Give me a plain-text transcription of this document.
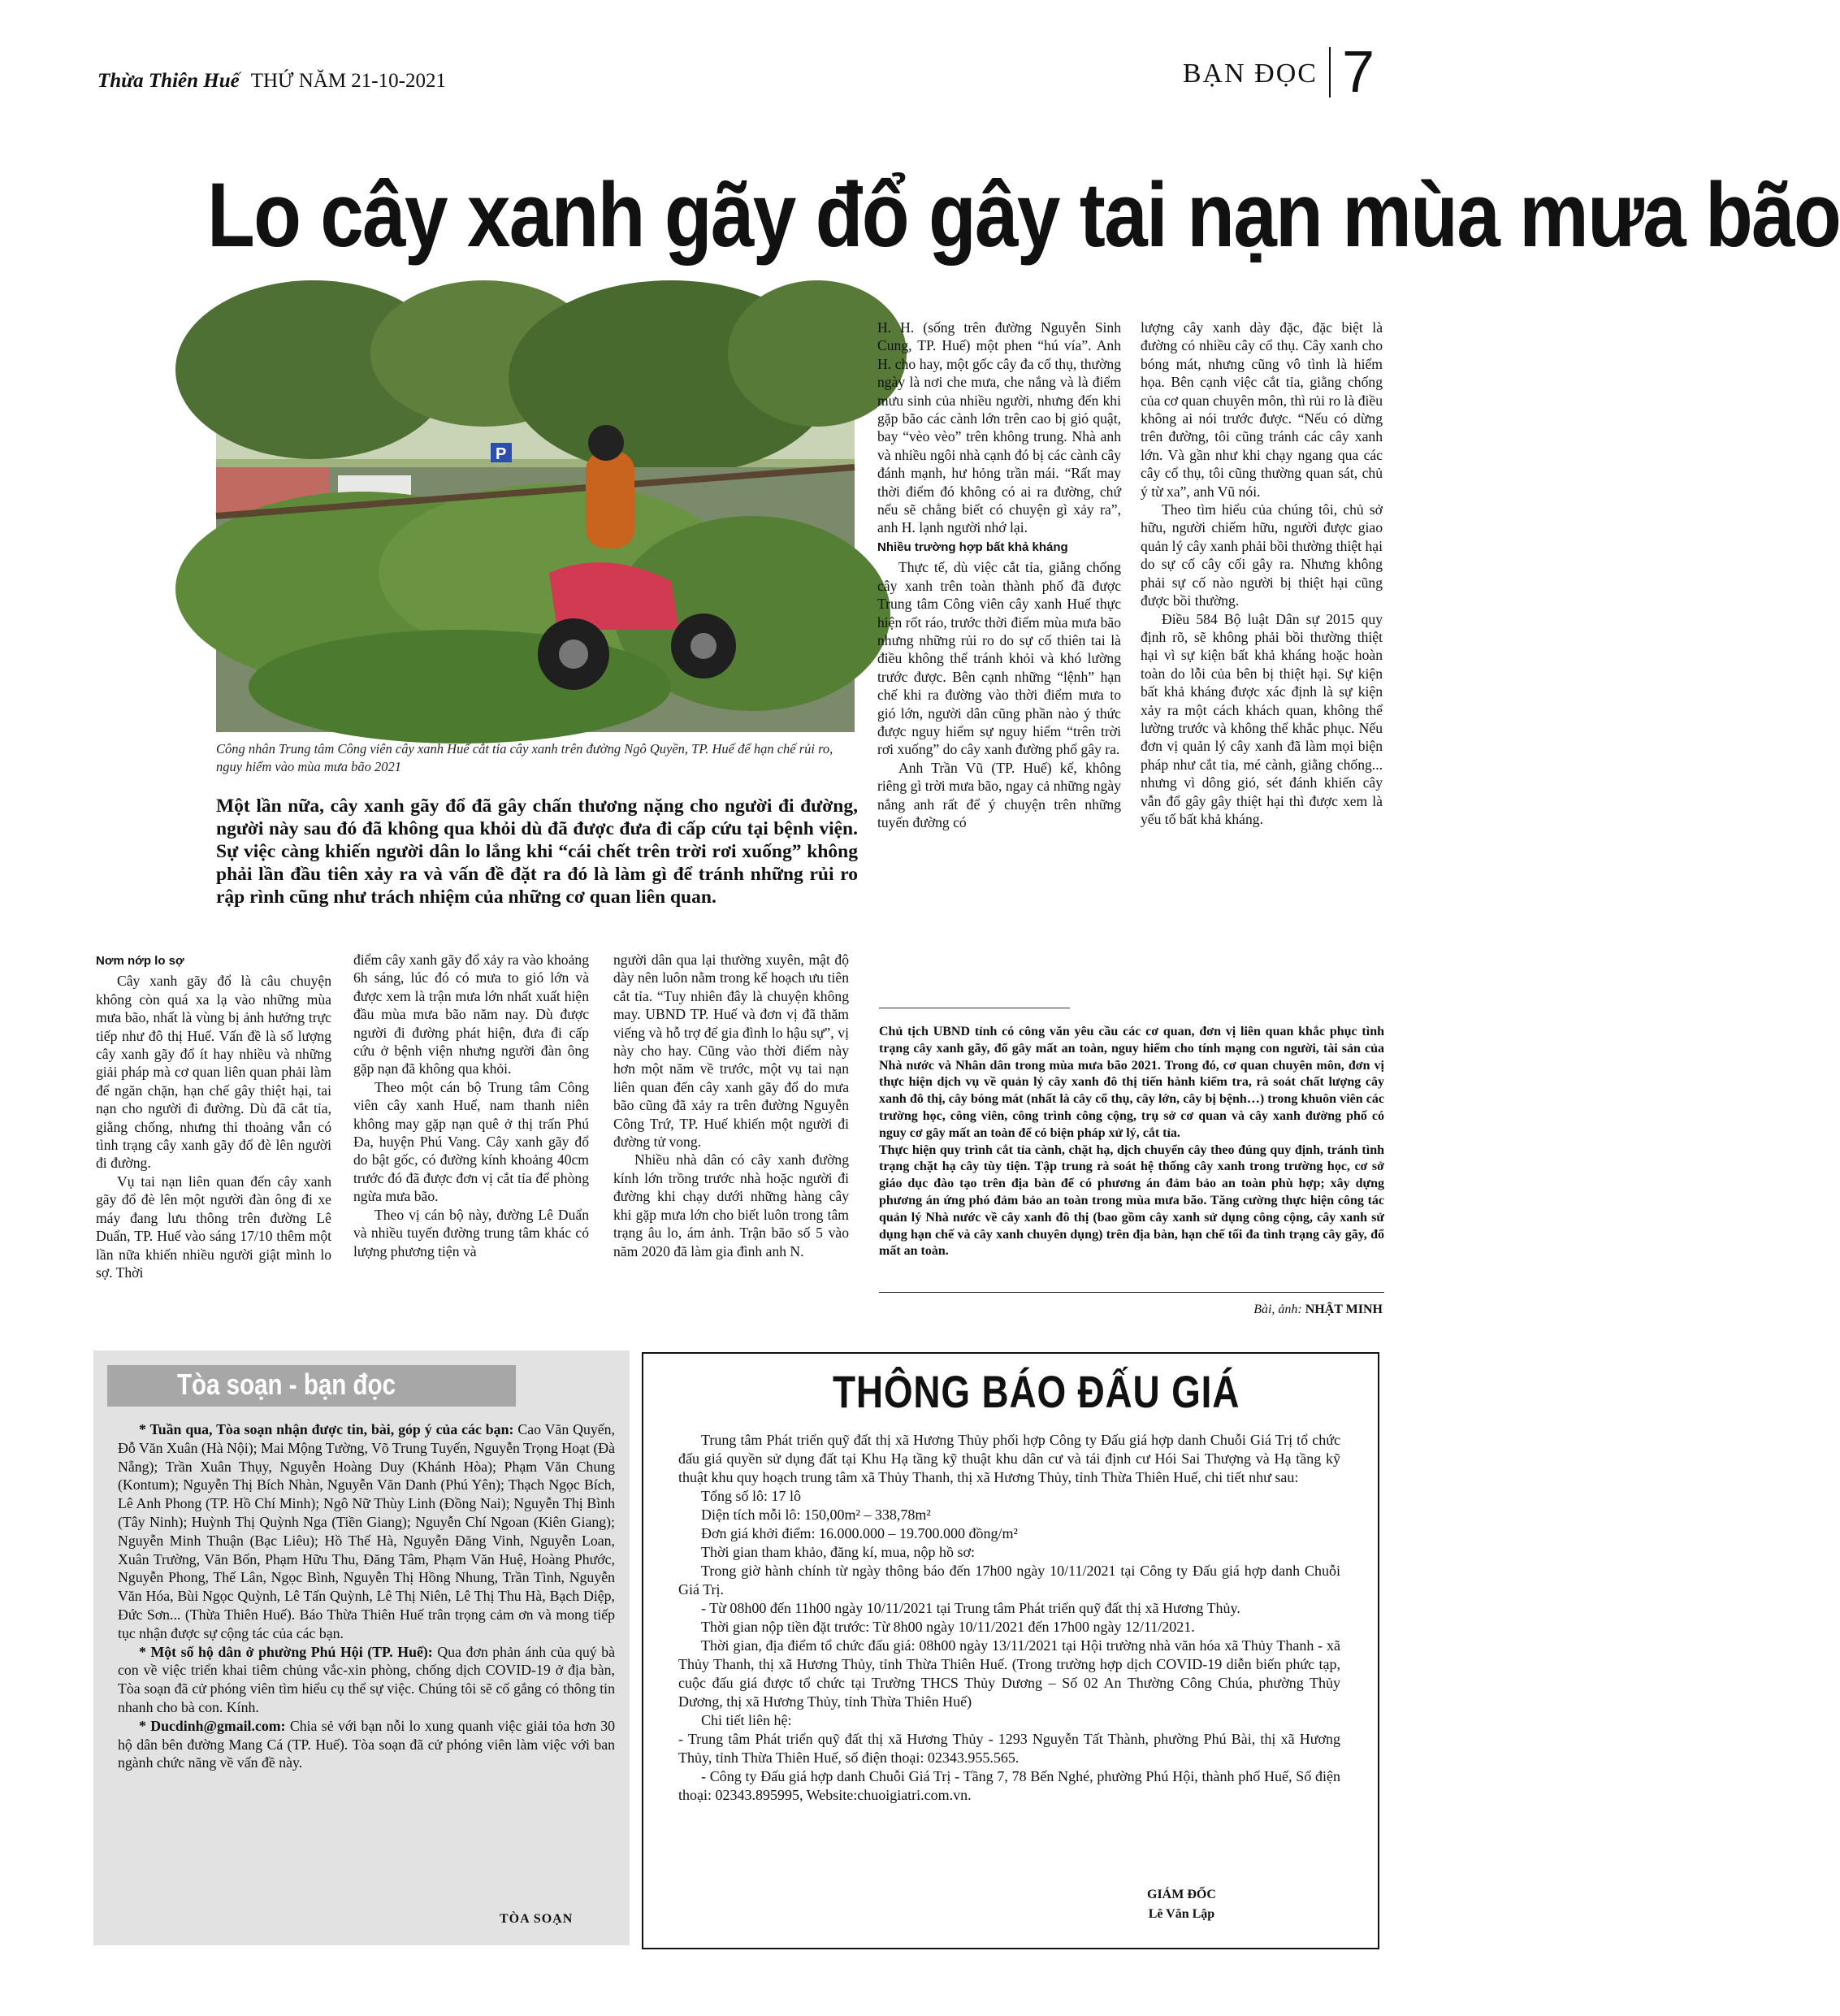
Thừa Thiên Huế THỨ NĂM 21-10-2021	BẠN ĐỌC 7
Lo cây xanh gãy đổ gây tai nạn mùa mưa bão
P
Công nhân Trung tâm Công viên cây xanh Huế cắt tỉa cây xanh trên đường Ngô Quyền, TP. Huế để hạn chế rủi ro, nguy hiểm vào mùa mưa bão 2021
Một lần nữa, cây xanh gãy đổ đã gây chấn thương nặng cho người đi đường, người này sau đó đã không qua khỏi dù đã được đưa đi cấp cứu tại bệnh viện. Sự việc càng khiến người dân lo lắng khi “cái chết trên trời rơi xuống” không phải lần đầu tiên xảy ra và vấn đề đặt ra đó là làm gì để tránh những rủi ro rập rình cũng như trách nhiệm của những cơ quan liên quan.
Nơm nớp lo sợ

Cây xanh gãy đổ là câu chuyện không còn quá xa lạ vào những mùa mưa bão, nhất là vùng bị ảnh hưởng trực tiếp như đô thị Huế. Vấn đề là số lượng cây xanh gãy đổ ít hay nhiều và những giải pháp mà cơ quan liên quan phải làm để ngăn chặn, hạn chế gây thiệt hại, tai nạn cho người đi đường. Dù đã cắt tỉa, giằng chống, nhưng thi thoảng vẫn có tình trạng cây xanh gãy đổ đè lên người đi đường.

Vụ tai nạn liên quan đến cây xanh gãy đổ đè lên một người đàn ông đi xe máy đang lưu thông trên đường Lê Duẩn, TP. Huế vào sáng 17/10 thêm một lần nữa khiến nhiều người giật mình lo sợ. Thời

điểm cây xanh gãy đổ xảy ra vào khoảng 6h sáng, lúc đó có mưa to gió lớn và được xem là trận mưa lớn nhất xuất hiện đầu mùa mưa bão năm nay. Dù được người đi đường phát hiện, đưa đi cấp cứu ở bệnh viện nhưng người đàn ông gặp nạn đã không qua khỏi.

Theo một cán bộ Trung tâm Công viên cây xanh Huế, nam thanh niên không may gặp nạn quê ở thị trấn Phú Đa, huyện Phú Vang. Cây xanh gãy đổ do bật gốc, có đường kính khoảng 40cm trước đó đã được đơn vị cắt tỉa để phòng ngừa mưa bão.

Theo vị cán bộ này, đường Lê Duẩn và nhiều tuyến đường trung tâm khác có lượng phương tiện và

người dân qua lại thường xuyên, mật độ dày nên luôn nằm trong kế hoạch ưu tiên cắt tỉa. “Tuy nhiên đây là chuyện không may. UBND TP. Huế và đơn vị đã thăm viếng và hỗ trợ để gia đình lo hậu sự”, vị này cho hay. Cũng vào thời điểm này hơn một năm về trước, một vụ tai nạn liên quan đến cây xanh gãy đổ do mưa bão cũng đã xảy ra trên đường Nguyễn Công Trứ, TP. Huế khiến một người đi đường tử vong.

Nhiều nhà dân có cây xanh đường kính lớn trồng trước nhà hoặc người đi đường khi chạy dưới những hàng cây khi gặp mưa lớn cho biết luôn trong tâm trạng âu lo, ám ảnh. Trận bão số 5 vào năm 2020 đã làm gia đình anh N.

H. H. (sống trên đường Nguyễn Sinh Cung, TP. Huế) một phen “hú vía”. Anh H. cho hay, một gốc cây đa cổ thụ, thường ngày là nơi che mưa, che nắng và là điểm mưu sinh của nhiều người, nhưng đến khi gặp bão các cành lớn trên cao bị gió quật, bay “vèo vèo” trên không trung. Nhà anh và nhiều ngôi nhà cạnh đó bị các cành cây đánh mạnh, hư hỏng trần mái. “Rất may thời điểm đó không có ai ra đường, chứ nếu sẽ chẳng biết có chuyện gì xảy ra”, anh H. lạnh người nhớ lại.

Nhiều trường hợp bất khả kháng

Thực tế, dù việc cắt tỉa, giằng chống cây xanh trên toàn thành phố đã được Trung tâm Công viên cây xanh Huế thực hiện rốt ráo, trước thời điểm mùa mưa bão nhưng những rủi ro do sự cố thiên tai là điều không thể tránh khỏi và khó lường trước được. Bên cạnh những “lệnh” hạn chế khi ra đường vào thời điểm mưa to gió lớn, người dân cũng phần nào ý thức được nguy hiểm sự nguy hiểm “trên trời rơi xuống” do cây xanh đường phố gây ra.

Anh Trần Vũ (TP. Huế) kể, không riêng gì trời mưa bão, ngay cả những ngày nắng anh rất để ý chuyện trên những tuyến đường có

lượng cây xanh dày đặc, đặc biệt là đường có nhiều cây cổ thụ. Cây xanh cho bóng mát, nhưng cũng vô tình là hiểm họa. Bên cạnh việc cắt tỉa, giằng chống của cơ quan chuyên môn, thì rủi ro là điều không ai nói trước được. “Nếu có dừng trên đường, tôi cũng tránh các cây xanh lớn. Và gần như khi chạy ngang qua các cây cổ thụ, tôi cũng thường quan sát, chủ ý từ xa”, anh Vũ nói.

Theo tìm hiểu của chúng tôi, chủ sở hữu, người chiếm hữu, người được giao quản lý cây xanh phải bồi thường thiệt hại do sự cố cây cối gây ra. Nhưng không phải sự cố nào người bị thiệt hại cũng được bồi thường.

Điều 584 Bộ luật Dân sự 2015 quy định rõ, sẽ không phải bồi thường thiệt hại vì sự kiện bất khả kháng hoặc hoàn toàn do lỗi của bên bị thiệt hại. Sự kiện bất khả kháng được xác định là sự kiện xảy ra một cách khách quan, không thể lường trước và không thể khắc phục. Nếu đơn vị quản lý cây xanh đã làm mọi biện pháp như cắt tỉa, mé cành, giằng chống... nhưng vì dông gió, sét đánh khiến cây vẫn đổ gây gây thiệt hại thì được xem là yếu tố bất khả kháng.

Chủ tịch UBND tỉnh có công văn yêu cầu các cơ quan, đơn vị liên quan khắc phục tình trạng cây xanh gãy, đổ gây mất an toàn, nguy hiểm cho tính mạng con người, tài sản của Nhà nước và Nhân dân trong mùa mưa bão 2021. Trong đó, cơ quan chuyên môn, đơn vị thực hiện dịch vụ về quản lý cây xanh đô thị tiến hành kiểm tra, rà soát chất lượng cây xanh đô thị, cây bóng mát (nhất là cây cổ thụ, cây lớn, cây bị bệnh…) trong khuôn viên các trường học, công viên, công trình công cộng, trụ sở cơ quan và cây xanh đường phố có nguy cơ gây mất an toàn để có biện pháp xử lý, cắt tỉa.

Thực hiện quy trình cắt tỉa cành, chặt hạ, dịch chuyển cây theo đúng quy định, tránh tình trạng chặt hạ cây tùy tiện. Tập trung rà soát hệ thống cây xanh trong trường học, cơ sở giáo dục đào tạo trên địa bàn để có phương án đảm bảo an toàn phù hợp; xây dựng phương án ứng phó đảm bảo an toàn trong mùa mưa bão. Tăng cường thực hiện công tác quản lý Nhà nước về cây xanh đô thị (bao gồm cây xanh sử dụng công cộng, cây xanh sử dụng hạn chế và cây xanh chuyên dụng) trên địa bàn, hạn chế tối đa tình trạng cây gãy, đổ mất an toàn.

Bài, ảnh: NHẬT MINH
Tòa soạn - bạn đọc

* Tuần qua, Tòa soạn nhận được tin, bài, góp ý của các bạn: Cao Văn Quyến, Đỗ Văn Xuân (Hà Nội); Mai Mộng Tường, Võ Trung Tuyến, Nguyễn Trọng Hoạt (Đà Nẵng); Trần Xuân Thụy, Nguyễn Hoàng Duy (Khánh Hòa); Phạm Văn Chung (Kontum); Nguyễn Thị Bích Nhàn, Nguyễn Văn Danh (Phú Yên); Thạch Ngọc Bích, Lê Anh Phong (TP. Hồ Chí Minh); Ngô Nữ Thùy Linh (Đồng Nai); Nguyễn Thị Bình (Tây Ninh); Huỳnh Thị Quỳnh Nga (Tiền Giang); Nguyễn Chí Ngoan (Kiên Giang); Nguyễn Minh Thuận (Bạc Liêu); Hồ Thế Hà, Nguyễn Đăng Vinh, Nguyễn Loan, Xuân Trường, Văn Bốn, Phạm Hữu Thu, Đăng Tâm, Phạm Văn Huệ, Hoàng Phước, Nguyễn Phong, Thế Lân, Ngọc Bình, Nguyễn Thị Hồng Nhung, Trần Tình, Nguyễn Văn Hóa, Bùi Ngọc Quỳnh, Lê Tấn Quỳnh, Lê Thị Niên, Lê Thị Thu Hà, Bạch Diệp, Đức Sơn... (Thừa Thiên Huế). Báo Thừa Thiên Huế trân trọng cảm ơn và mong tiếp tục nhận được sự cộng tác của các bạn.

* Một số hộ dân ở phường Phú Hội (TP. Huế): Qua đơn phản ánh của quý bà con về việc triển khai tiêm chủng vắc-xin phòng, chống dịch COVID-19 ở địa bàn, Tòa soạn đã cử phóng viên tìm hiểu cụ thể sự việc. Chúng tôi sẽ cố gắng có thông tin nhanh cho bà con. Kính.

* Ducdinh@gmail.com: Chia sẻ với bạn nỗi lo xung quanh việc giải tỏa hơn 30 hộ dân bên đường Mang Cá (TP. Huế). Tòa soạn đã cử phóng viên làm việc với ban ngành chức năng về vấn đề này.

TÒA SOẠN
THÔNG BÁO ĐẤU GIÁ

Trung tâm Phát triển quỹ đất thị xã Hương Thủy phối hợp Công ty Đấu giá hợp danh Chuỗi Giá Trị tổ chức đấu giá quyền sử dụng đất tại Khu Hạ tầng kỹ thuật khu dân cư và tái định cư Hói Sai Thượng và Hạ tầng kỹ thuật khu quy hoạch trung tâm xã Thủy Thanh, thị xã Hương Thủy, tỉnh Thừa Thiên Huế, chi tiết như sau:

Tổng số lô: 17 lô

Diện tích mỗi lô: 150,00m² – 338,78m²

Đơn giá khởi điểm: 16.000.000 – 19.700.000 đồng/m²

Thời gian tham khảo, đăng kí, mua, nộp hồ sơ:

Trong giờ hành chính từ ngày thông báo đến 17h00 ngày 10/11/2021 tại Công ty Đấu giá hợp danh Chuỗi Giá Trị.

- Từ 08h00 đến 11h00 ngày 10/11/2021 tại Trung tâm Phát triển quỹ đất thị xã Hương Thủy.

Thời gian nộp tiền đặt trước: Từ 8h00 ngày 10/11/2021 đến 17h00 ngày 12/11/2021.

Thời gian, địa điểm tổ chức đấu giá: 08h00 ngày 13/11/2021 tại Hội trường nhà văn hóa xã Thủy Thanh - xã Thủy Thanh, thị xã Hương Thủy, tỉnh Thừa Thiên Huế. (Trong trường hợp dịch COVID-19 diễn biến phức tạp, cuộc đấu giá được tổ chức tại Trường THCS Thủy Dương – Số 02 An Thường Công Chúa, phường Thủy Dương, thị xã Hương Thủy, tỉnh Thừa Thiên Huế)

Chi tiết liên hệ:

- Trung tâm Phát triển quỹ đất thị xã Hương Thủy - 1293 Nguyễn Tất Thành, phường Phú Bài, thị xã Hương Thủy, tỉnh Thừa Thiên Huế, số điện thoại: 02343.955.565.

- Công ty Đấu giá hợp danh Chuỗi Giá Trị - Tầng 7, 78 Bến Nghé, phường Phú Hội, thành phố Huế, Số điện thoại: 02343.895995, Website:chuoigiatri.com.vn.

GIÁM ĐỐC
Lê Văn Lập
